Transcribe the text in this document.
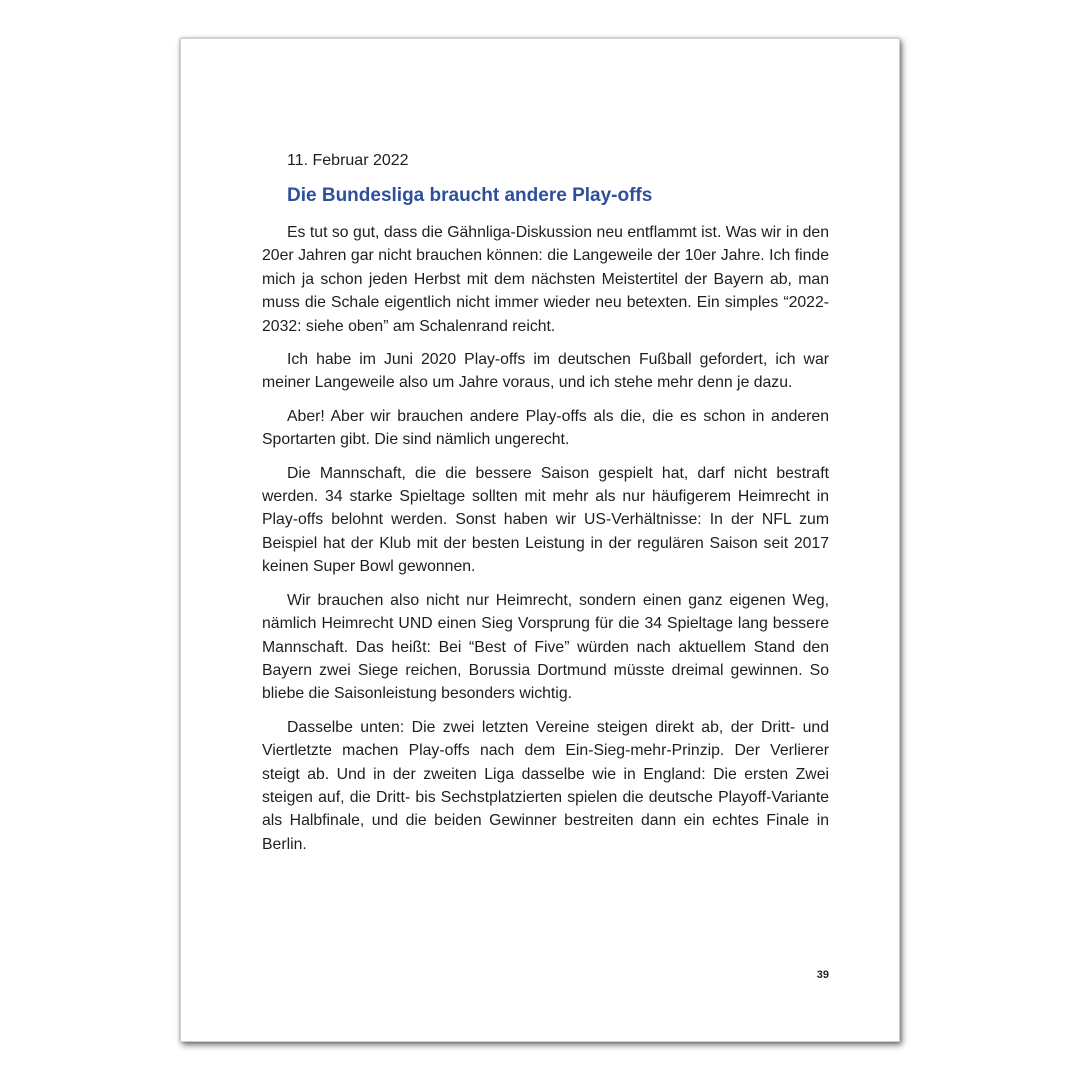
11. Februar 2022
Die Bundesliga braucht andere Play-offs

Es tut so gut, dass die Gähnliga-Diskussion neu entflammt ist. Was wir in den 20er Jahren gar nicht brauchen können: die Langeweile der 10er Jahre. Ich finde mich ja schon jeden Herbst mit dem nächsten Meistertitel der Bayern ab, man muss die Schale eigentlich nicht immer wieder neu betexten. Ein simples “2022-2032: siehe oben” am Schalenrand reicht.

Ich habe im Juni 2020 Play-offs im deutschen Fußball gefordert, ich war meiner Langeweile also um Jahre voraus, und ich stehe mehr denn je dazu.

Aber! Aber wir brauchen andere Play-offs als die, die es schon in anderen Sportarten gibt. Die sind nämlich ungerecht.

Die Mannschaft, die die bessere Saison gespielt hat, darf nicht bestraft werden. 34 starke Spieltage sollten mit mehr als nur häufigerem Heimrecht in Play-offs belohnt werden. Sonst haben wir US-Verhältnisse: In der NFL zum Beispiel hat der Klub mit der besten Leistung in der regulären Saison seit 2017 keinen Super Bowl gewonnen.

Wir brauchen also nicht nur Heimrecht, sondern einen ganz eigenen Weg, nämlich Heimrecht UND einen Sieg Vorsprung für die 34 Spieltage lang bessere Mannschaft. Das heißt: Bei “Best of Five” würden nach aktuellem Stand den Bayern zwei Siege reichen, Borussia Dortmund müsste dreimal gewinnen. So bliebe die Saisonleistung besonders wichtig.

Dasselbe unten: Die zwei letzten Vereine steigen direkt ab, der Dritt- und Viertletzte machen Play-offs nach dem Ein-Sieg-mehr-Prinzip. Der Verlierer steigt ab. Und in der zweiten Liga dasselbe wie in England: Die ersten Zwei steigen auf, die Dritt- bis Sechstplatzierten spielen die deutsche Playoff-Variante als Halbfinale, und die beiden Gewinner bestreiten dann ein echtes Finale in Berlin.

39
